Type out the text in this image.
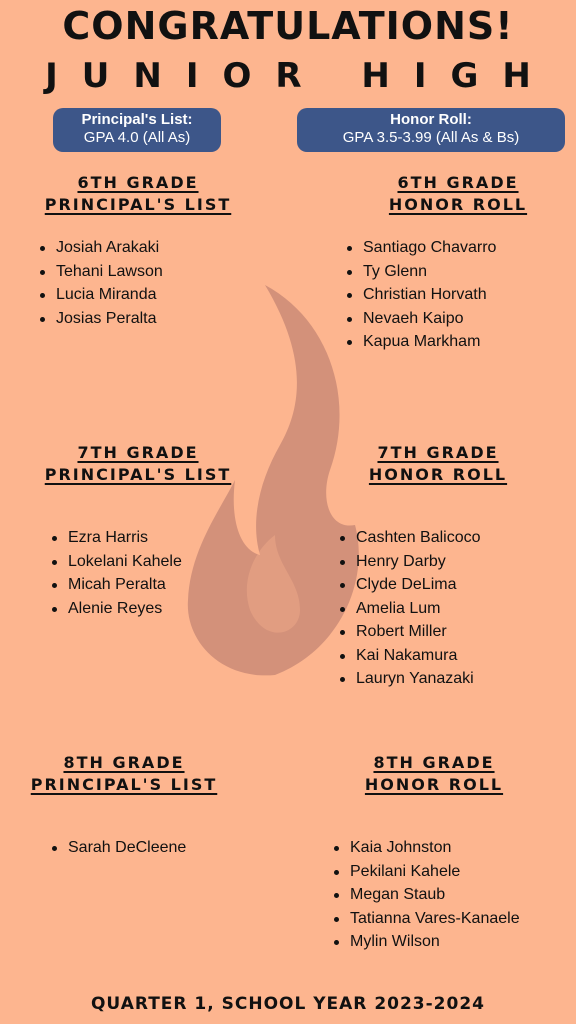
CONGRATULATIONS!
JUNIOR HIGH
Principal's List:
GPA 4.0 (All As)
Honor Roll:
GPA 3.5-3.99 (All As & Bs)
6TH GRADE
PRINCIPAL'S LIST
Josiah Arakaki
Tehani Lawson
Lucia Miranda
Josias Peralta
6TH GRADE
HONOR ROLL
Santiago Chavarro
Ty Glenn
Christian Horvath
Nevaeh Kaipo
Kapua Markham
7TH GRADE
PRINCIPAL'S LIST
Ezra Harris
Lokelani Kahele
Micah Peralta
Alenie Reyes
7TH GRADE
HONOR ROLL
Cashten Balicoco
Henry Darby
Clyde DeLima
Amelia Lum
Robert Miller
Kai Nakamura
Lauryn Yanazaki
8TH GRADE
PRINCIPAL'S LIST
Sarah DeCleene
8TH GRADE
HONOR ROLL
Kaia Johnston
Pekilani Kahele
Megan Staub
Tatianna Vares-Kanaele
Mylin Wilson
QUARTER 1, SCHOOL YEAR 2023-2024
